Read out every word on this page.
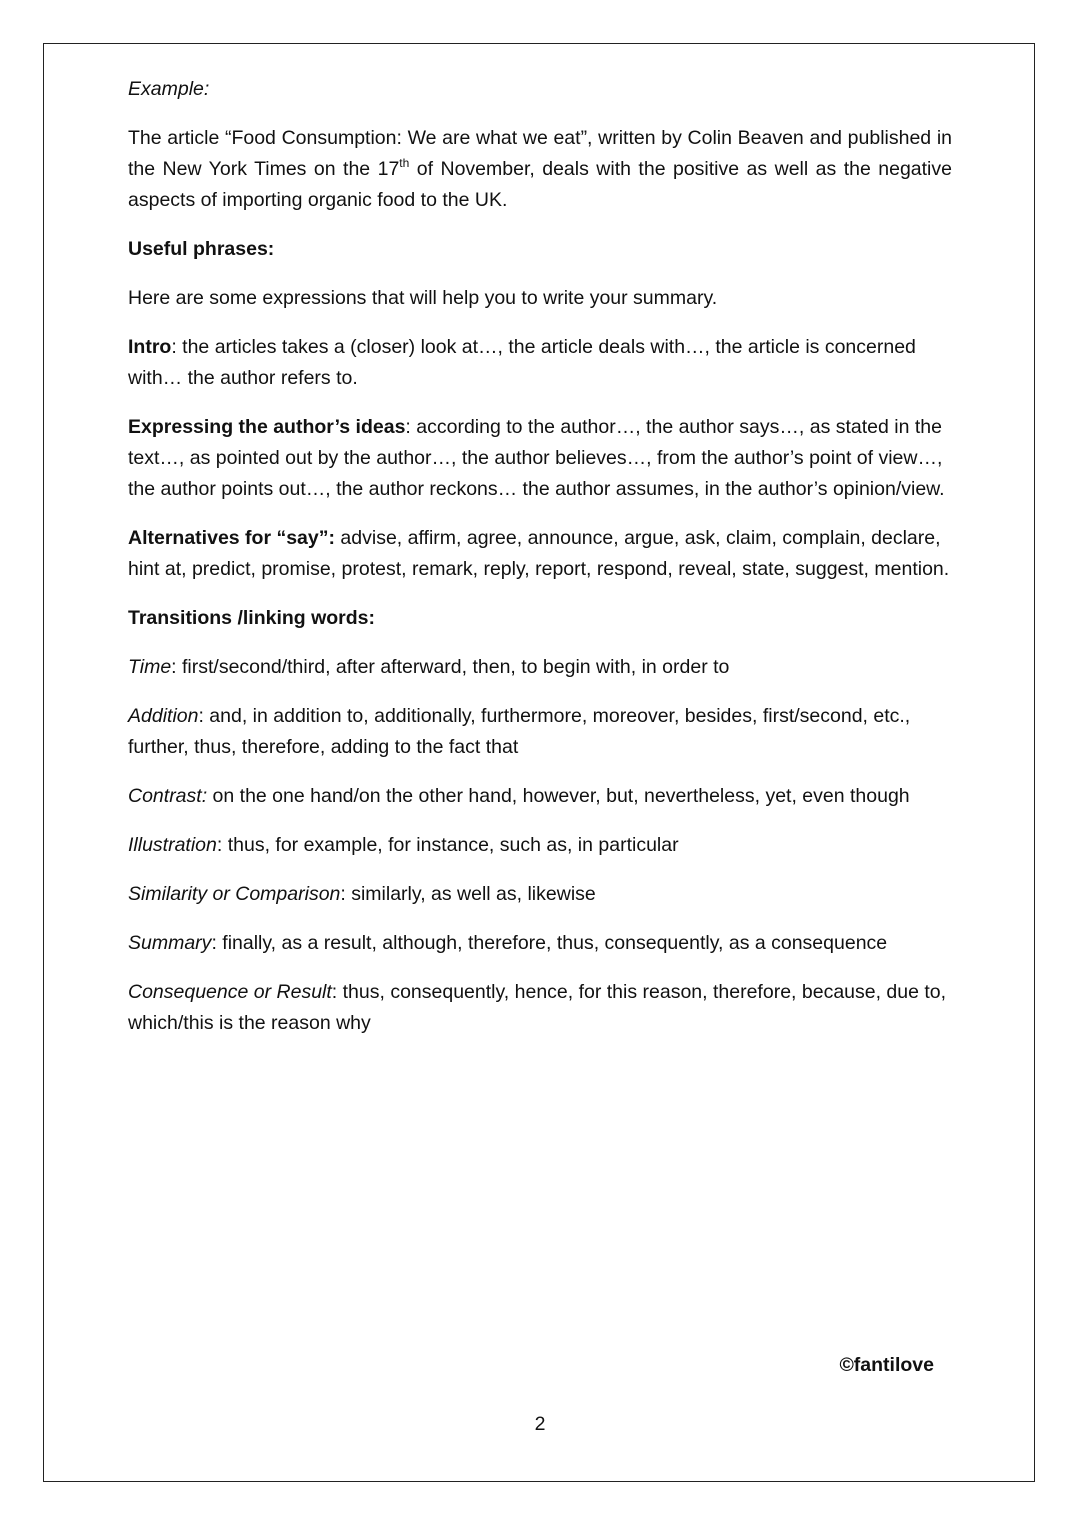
Example:

The article “Food Consumption: We are what we eat”, written by Colin Beaven and published in the New York Times on the 17th of November, deals with the positive as well as the negative aspects of importing organic food to the UK.

Useful phrases:

Here are some expressions that will help you to write your summary.

Intro: the articles takes a (closer) look at…, the article deals with…, the article is concerned with… the author refers to.

Expressing the author’s ideas: according to the author…, the author says…, as stated in the text…, as pointed out by the author…, the author believes…, from the author’s point of view…, the author points out…, the author reckons… the author assumes, in the author’s opinion/view.

Alternatives for “say”: advise, affirm, agree, announce, argue, ask, claim, complain, declare, hint at, predict, promise, protest, remark, reply, report, respond, reveal, state, suggest, mention.

Transitions /linking words:

Time: first/second/third, after afterward, then, to begin with, in order to

Addition: and, in addition to, additionally, furthermore, moreover, besides, first/second, etc., further, thus, therefore, adding to the fact that

Contrast: on the one hand/on the other hand, however, but, nevertheless, yet, even though

Illustration: thus, for example, for instance, such as, in particular

Similarity or Comparison: similarly, as well as, likewise

Summary: finally, as a result, although, therefore, thus, consequently, as a consequence

Consequence or Result: thus, consequently, hence, for this reason, therefore, because, due to, which/this is the reason why

©fantilove
2
